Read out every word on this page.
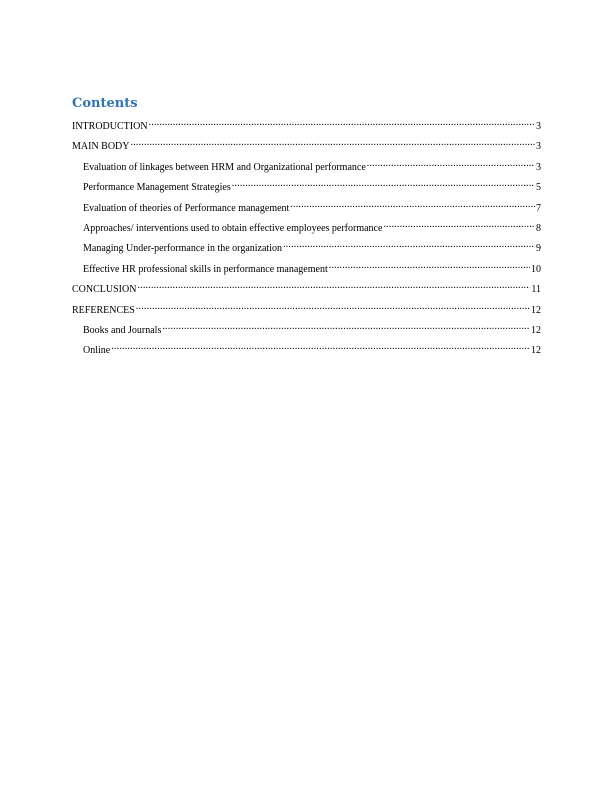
Contents
INTRODUCTION .....	3
MAIN BODY .....	3
Evaluation of linkages between HRM and Organizational performance .....	3
Performance Management Strategies .....	5
Evaluation of theories of Performance management .....	7
Approaches/ interventions used to obtain effective employees performance .....	8
Managing Under-performance in the organization .....	9
Effective HR professional skills in performance management .....	10
CONCLUSION .....	11
REFERENCES .....	12
Books and Journals .....	12
Online .....	12
